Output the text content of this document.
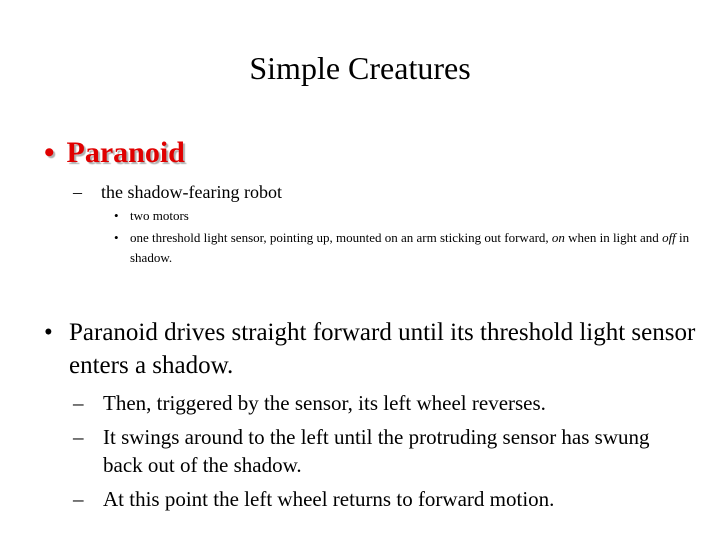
Simple Creatures
• Paranoid
– the shadow-fearing robot
• two motors
• one threshold light sensor, pointing up, mounted on an arm sticking out forward, on when in light and off in shadow.
• Paranoid drives straight forward until its threshold light sensor enters a shadow.
– Then, triggered by the sensor, its left wheel reverses.
– It swings around to the left until the protruding sensor has swung back out of the shadow.
– At this point the left wheel returns to forward motion.
